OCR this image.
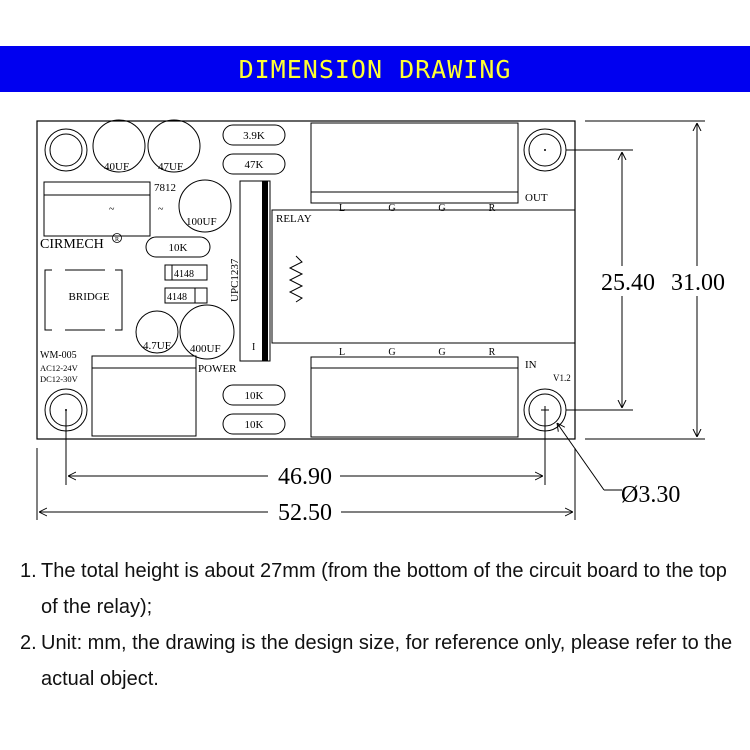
DIMENSION DRAWING
40UF	47UF
100UF
3.9K
47K
~	~
7812
CIRMECH R
10K
4148
4148
BRIDGE
4.7UF 400UF
UPC1237
I
RELAY
L	G	G	R
OUT
L	G	G	R
IN
V1.2
WM-005
AC12-24V
DC12-30V
POWER
10K
10K
25.40 31.00
46.90
52.50
Ø3.30
1. The total height is about 27mm (from the bottom of the circuit board to the top of the relay);
2. Unit: mm, the drawing is the design size, for reference only, please refer to the actual object.
